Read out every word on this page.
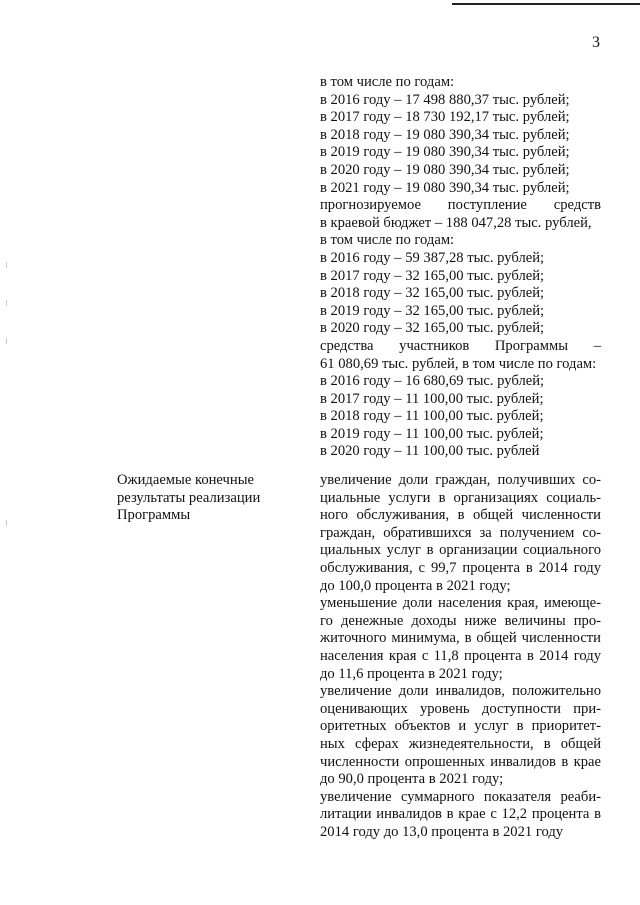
3
в том числе по годам:
в 2016 году – 17 498 880,37 тыс. рублей;
в 2017 году – 18 730 192,17 тыс. рублей;
в 2018 году – 19 080 390,34 тыс. рублей;
в 2019 году – 19 080 390,34 тыс. рублей;
в 2020 году – 19 080 390,34 тыс. рублей;
в 2021 году – 19 080 390,34 тыс. рублей;
прогнозируемое поступление средств
в краевой бюджет – 188 047,28 тыс. рублей,
в том числе по годам:
в 2016 году – 59 387,28 тыс. рублей;
в 2017 году – 32 165,00 тыс. рублей;
в 2018 году – 32 165,00 тыс. рублей;
в 2019 году – 32 165,00 тыс. рублей;
в 2020 году – 32 165,00 тыс. рублей;
средства участников Программы –
61 080,69 тыс. рублей, в том числе по годам:
в 2016 году – 16 680,69 тыс. рублей;
в 2017 году – 11 100,00 тыс. рублей;
в 2018 году – 11 100,00 тыс. рублей;
в 2019 году – 11 100,00 тыс. рублей;
в 2020 году – 11 100,00 тыс. рублей
Ожидаемые конечные
результаты реализации
Программы
увеличение доли граждан, получивших со-
циальные услуги в организациях социаль-
ного обслуживания, в общей численности
граждан, обратившихся за получением со-
циальных услуг в организации социального
обслуживания, с 99,7 процента в 2014 году
до 100,0 процента в 2021 году;
уменьшение доли населения края, имеюще-
го денежные доходы ниже величины про-
житочного минимума, в общей численности
населения края с 11,8 процента в 2014 году
до 11,6 процента в 2021 году;
увеличение доли инвалидов, положительно
оценивающих уровень доступности при-
оритетных объектов и услуг в приоритет-
ных сферах жизнедеятельности, в общей
численности опрошенных инвалидов в крае
до 90,0 процента в 2021 году;
увеличение суммарного показателя реаби-
литации инвалидов в крае с 12,2 процента в
2014 году до 13,0 процента в 2021 году
